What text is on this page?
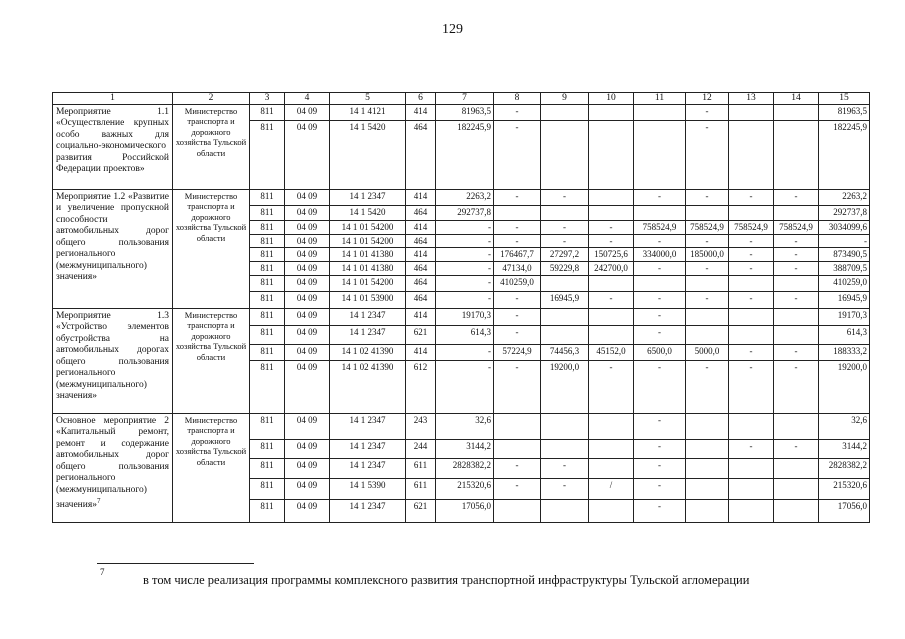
129
1	2	3	4	5	6	7	8	9	10	11	12	13	14	15
Мероприятие 1.1 «Осуществление крупных особо важных для социально-экономического развития Российской Федерации проектов»	Министерство транспорта и дорожного хозяйства Тульской области	811	04 09	14 1 4121	414	81963,5	-				-			81963,5
		811	04 09	14 1 5420	464	182245,9	-				-			182245,9
Мероприятие 1.2 «Развитие и увеличение пропускной способности автомобильных дорог общего пользования регионального (межмуниципального) значения»	Министерство транспорта и дорожного хозяйства Тульской области	811	04 09	14 1 2347	414	2263,2	-	-		-	-	-	-	2263,2
		811	04 09	14 1 5420	464	292737,8								292737,8
		811	04 09	14 1 01 54200	414	-	-	-	-	758524,9	758524,9	758524,9	758524,9	3034099,6
		811	04 09	14 1 01 54200	464	-	-	-	-	-	-	-	-	-
		811	04 09	14 1 01 41380	414	-	176467,7	27297,2	150725,6	334000,0	185000,0	-	-	873490,5
		811	04 09	14 1 01 41380	464	-	47134,0	59229,8	242700,0	-	-	-	-	388709,5
		811	04 09	14 1 01 54200	464	-	410259,0							410259,0
		811	04 09	14 1 01 53900	464	-	-	16945,9	-	-	-	-	-	16945,9
Мероприятие 1.3 «Устройство элементов обустройства на автомобильных дорогах общего пользования регионального (межмуниципального) значения»	Министерство транспорта и дорожного хозяйства Тульской области	811	04 09	14 1 2347	414	19170,3	-			-				19170,3
		811	04 09	14 1 2347	621	614,3	-			-				614,3
		811	04 09	14 1 02 41390	414	-	57224,9	74456,3	45152,0	6500,0	5000,0	-	-	188333,2
		811	04 09	14 1 02 41390	612	-	-	19200,0	-	-	-	-	-	19200,0
Основное мероприятие 2 «Капитальный ремонт, ремонт и содержание автомобильных дорог общего пользования регионального (межмуниципального) значения»$^7$	Министерство транспорта и дорожного хозяйства Тульской области	811	04 09	14 1 2347	243	32,6				-				32,6
		811	04 09	14 1 2347	244	3144,2				-		-	-	3144,2
		811	04 09	14 1 2347	611	2828382,2	-	-		-				2828382,2
		811	04 09	14 1 5390	611	215320,6	-	-	/	-				215320,6
		811	04 09	14 1 2347	621	17056,0				-				17056,0
7
в том числе реализация программы комплексного развития транспортной инфраструктуры Тульской агломерации
